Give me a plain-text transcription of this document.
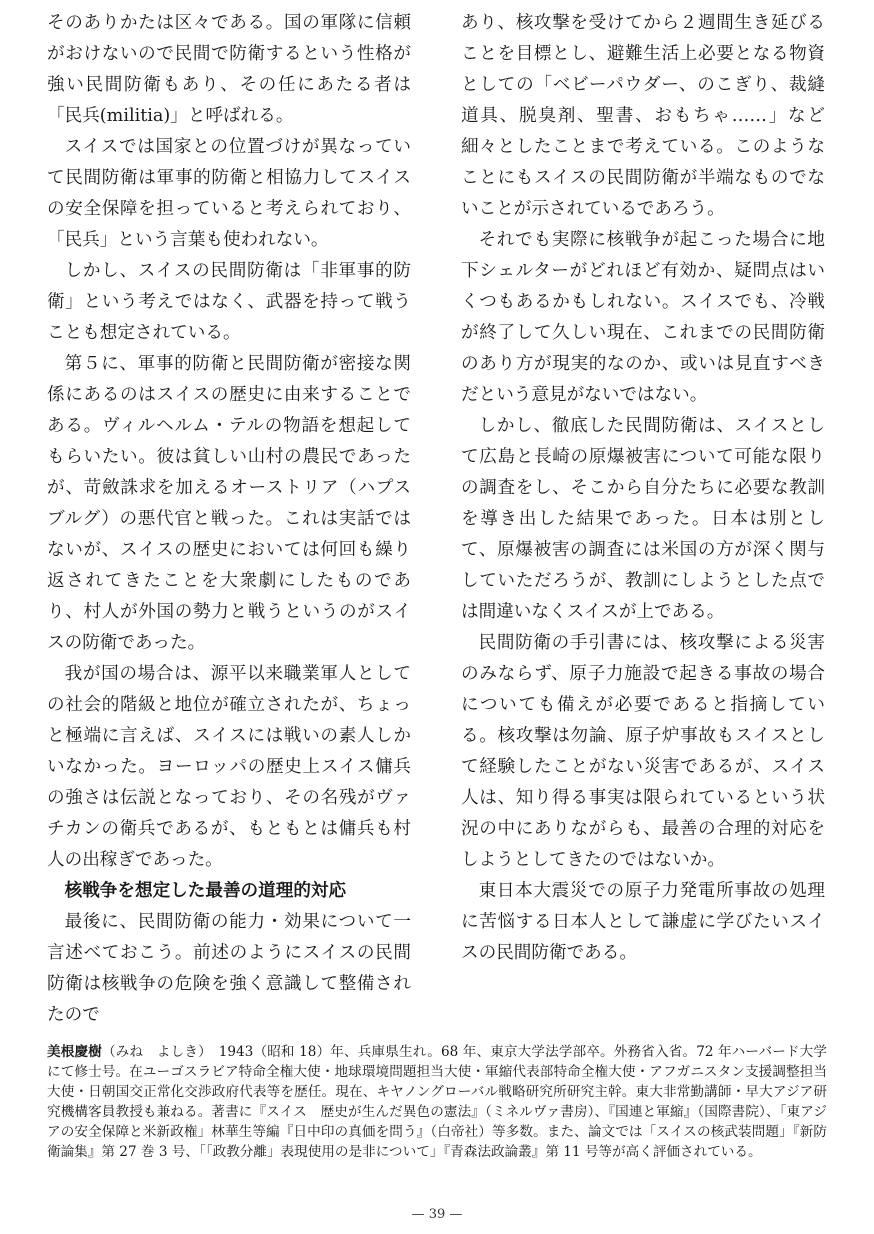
そのありかたは区々である。国の軍隊に信頼がおけないので民間で防衛するという性格が強い民間防衛もあり、その任にあたる者は「民兵(militia)」と呼ばれる。

スイスでは国家との位置づけが異なっていて民間防衛は軍事的防衛と相協力してスイスの安全保障を担っていると考えられており、「民兵」という言葉も使われない。

しかし、スイスの民間防衛は「非軍事的防衛」という考えではなく、武器を持って戦うことも想定されている。

第５に、軍事的防衛と民間防衛が密接な関係にあるのはスイスの歴史に由来することである。ヴィルヘルム・テルの物語を想起してもらいたい。彼は貧しい山村の農民であったが、苛斂誅求を加えるオーストリア（ハプスブルグ）の悪代官と戦った。これは実話ではないが、スイスの歴史においては何回も繰り返されてきたことを大衆劇にしたものであり、村人が外国の勢力と戦うというのがスイスの防衛であった。

我が国の場合は、源平以来職業軍人としての社会的階級と地位が確立されたが、ちょっと極端に言えば、スイスには戦いの素人しかいなかった。ヨーロッパの歴史上スイス傭兵の強さは伝説となっており、その名残がヴァチカンの衛兵であるが、もともとは傭兵も村人の出稼ぎであった。

核戦争を想定した最善の道理的対応

最後に、民間防衛の能力・効果について一言述べておこう。前述のようにスイスの民間防衛は核戦争の危険を強く意識して整備されたので

あり、核攻撃を受けてから２週間生き延びることを目標とし、避難生活上必要となる物資としての「ベビーパウダー、のこぎり、裁縫道具、脱臭剤、聖書、おもちゃ……」など細々としたことまで考えている。このようなことにもスイスの民間防衛が半端なものでないことが示されているであろう。

それでも実際に核戦争が起こった場合に地下シェルターがどれほど有効か、疑問点はいくつもあるかもしれない。スイスでも、冷戦が終了して久しい現在、これまでの民間防衛のあり方が現実的なのか、或いは見直すべきだという意見がないではない。

しかし、徹底した民間防衛は、スイスとして広島と長崎の原爆被害について可能な限りの調査をし、そこから自分たちに必要な教訓を導き出した結果であった。日本は別として、原爆被害の調査には米国の方が深く関与していただろうが、教訓にしようとした点では間違いなくスイスが上である。

民間防衛の手引書には、核攻撃による災害のみならず、原子力施設で起きる事故の場合についても備えが必要であると指摘している。核攻撃は勿論、原子炉事故もスイスとして経験したことがない災害であるが、スイス人は、知り得る事実は限られているという状況の中にありながらも、最善の合理的対応をしようとしてきたのではないか。

東日本大震災での原子力発電所事故の処理に苦悩する日本人として謙虚に学びたいスイスの民間防衛である。

美根慶樹（みね　よしき）　1943（昭和 18）年、兵庫県生れ。68 年、東京大学法学部卒。外務省入省。72 年ハーバード大学にて修士号。在ユーゴスラビア特命全権大使・地球環境問題担当大使・軍縮代表部特命全権大使・アフガニスタン支援調整担当大使・日朝国交正常化交渉政府代表等を歴任。現在、キヤノングローバル戦略研究所研究主幹。東大非常勤講師・早大アジア研究機構客員教授も兼ねる。著書に『スイス　歴史が生んだ異色の憲法』（ミネルヴァ書房）、『国連と軍縮』（国際書院）、「東アジアの安全保障と米新政権」林華生等編『日中印の真価を問う』（白帝社）等多数。また、論文では「スイスの核武装問題」『新防衛論集』第 27 巻 3 号、「「政教分離」表現使用の是非について」『青森法政論叢』第 11 号等が高く評価されている。
— 39 —
